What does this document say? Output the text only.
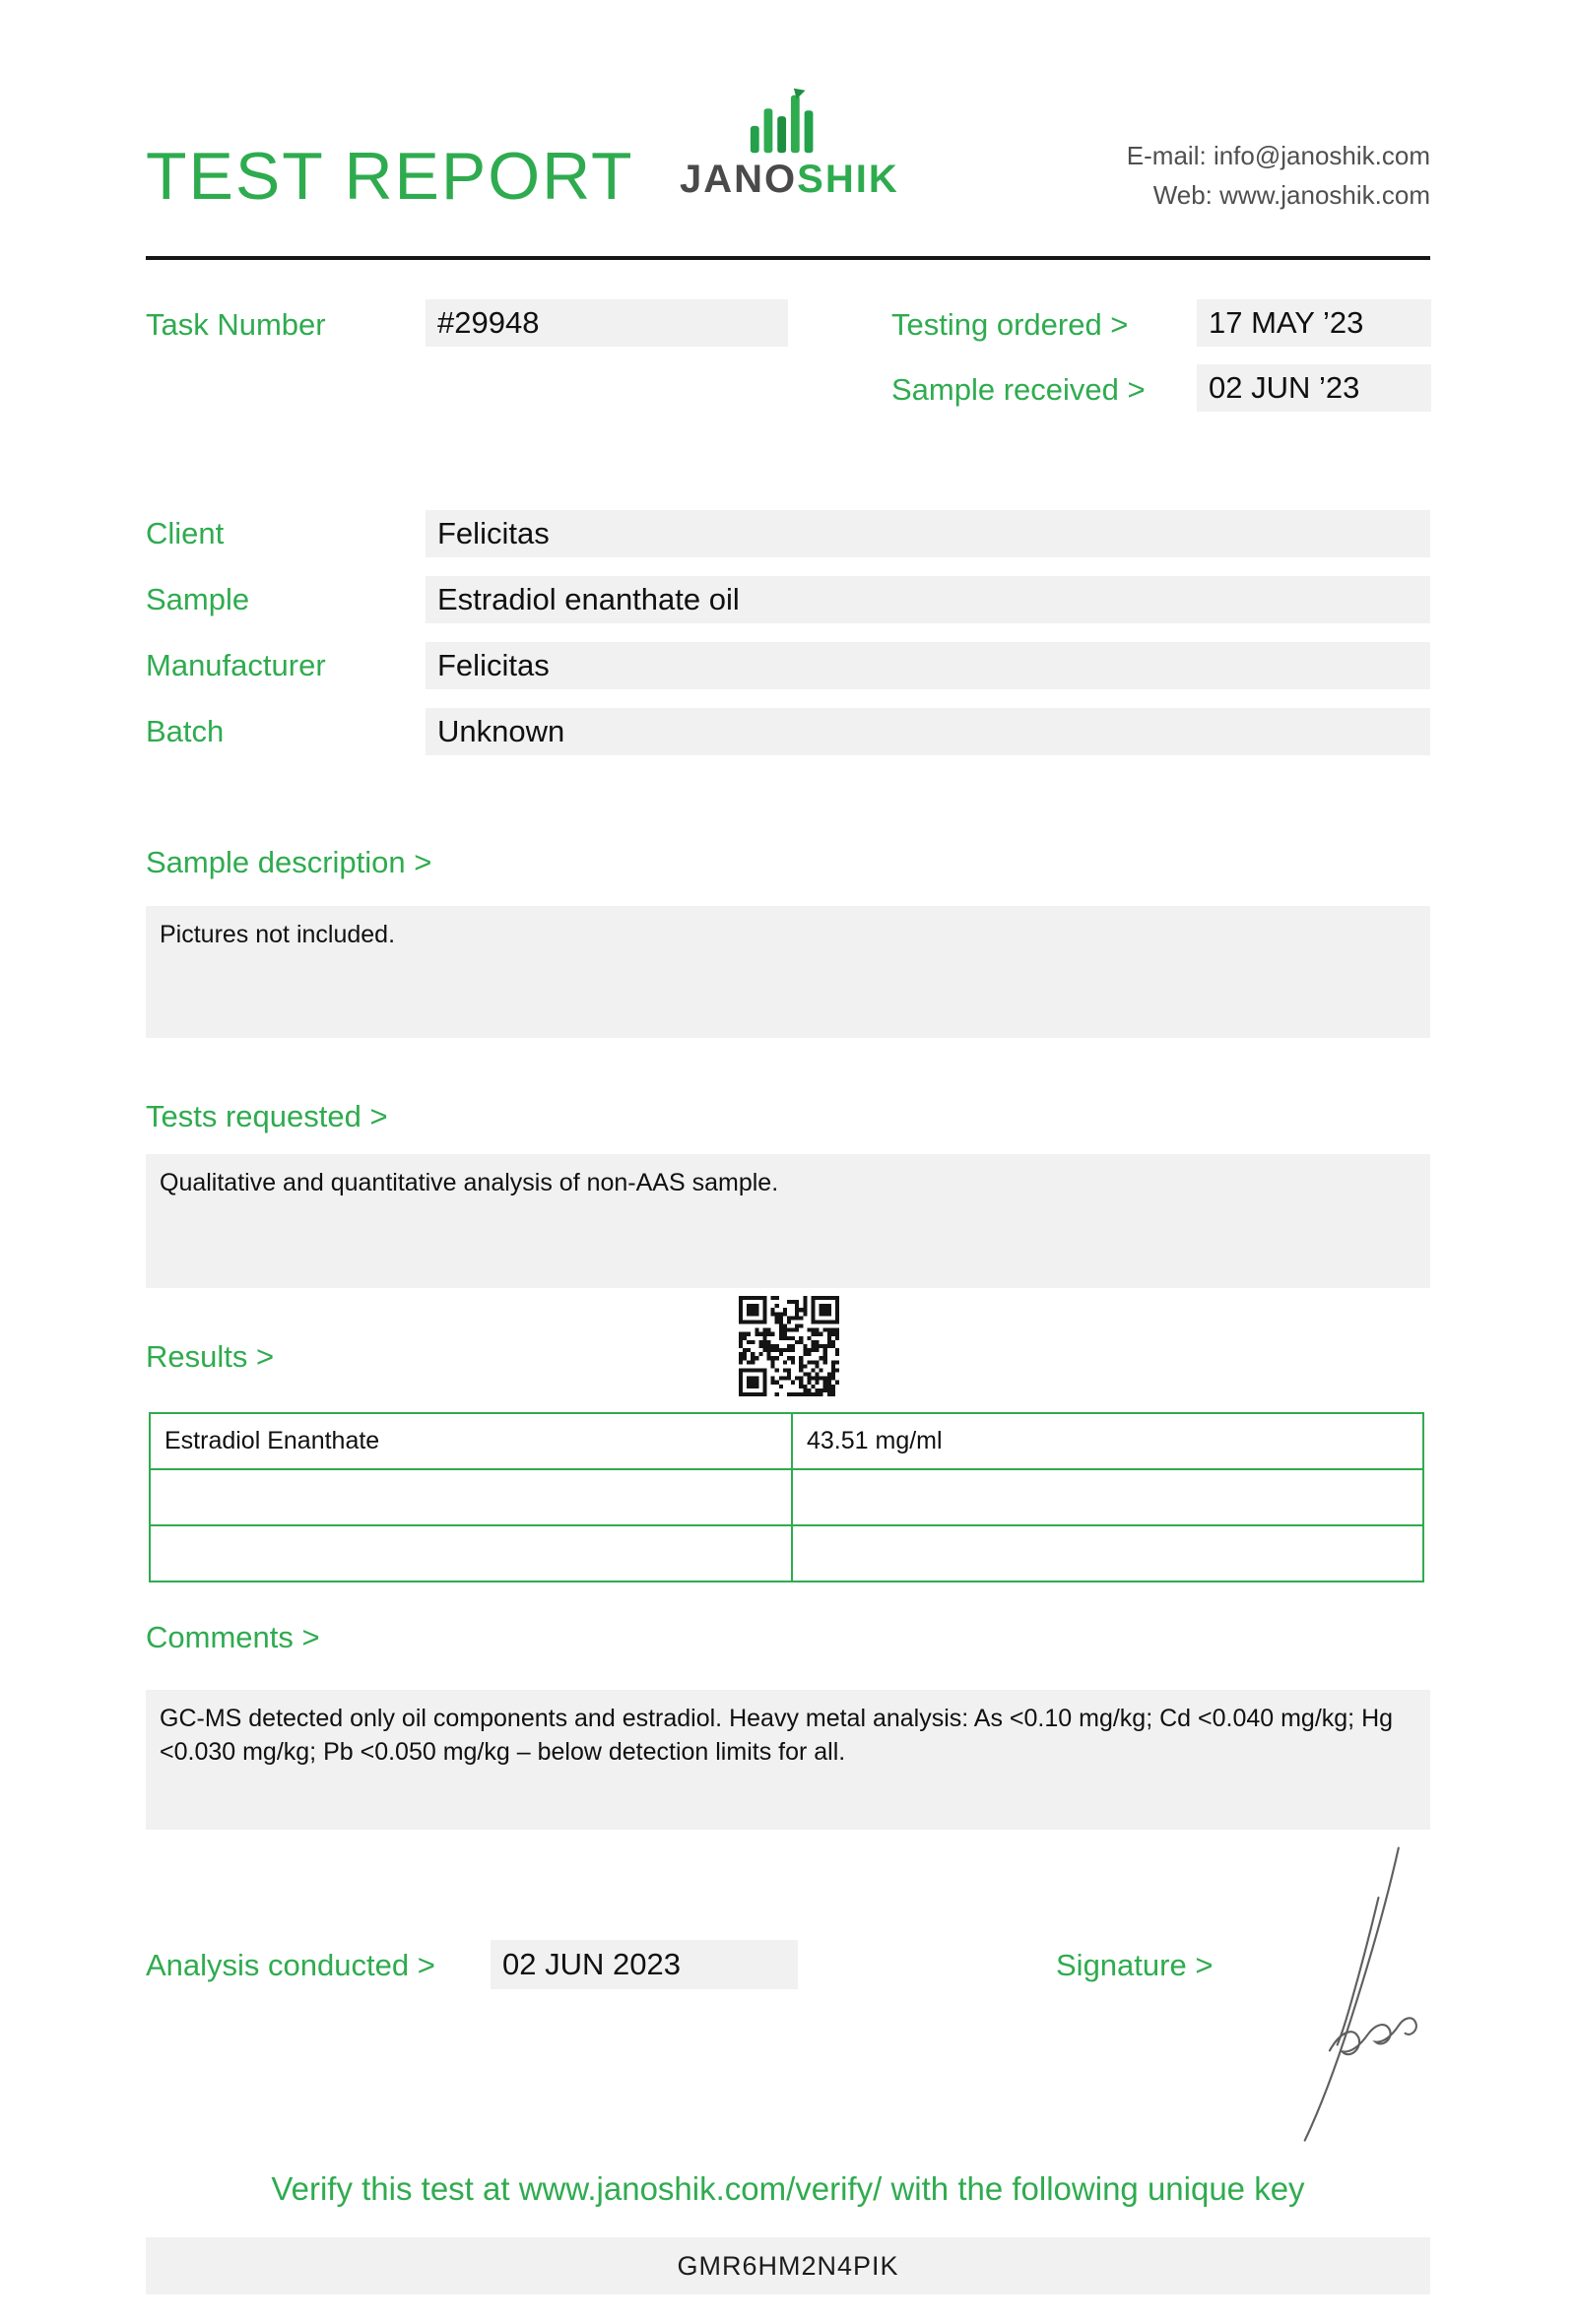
TEST REPORT JANOSHIK
E-mail: info@janoshik.com
Web: www.janoshik.com
Task Number	#29948	Testing ordered >	17 MAY ’23
Sample received >	02 JUN ’23
Client	Felicitas
Sample	Estradiol enanthate oil
Manufacturer	Felicitas
Batch	Unknown
Sample description >
Pictures not included.
Tests requested >
Qualitative and quantitative analysis of non-AAS sample.
Results >
Estradiol Enanthate	43.51 mg/ml

Comments >
GC-MS detected only oil components and estradiol. Heavy metal analysis: As <0.10 mg/kg; Cd <0.040 mg/kg; Hg <0.030 mg/kg; Pb <0.050 mg/kg – below detection limits for all.
Analysis conducted >	02 JUN 2023	Signature >
Verify this test at www.janoshik.com/verify/ with the following unique key
GMR6HM2N4PIK
